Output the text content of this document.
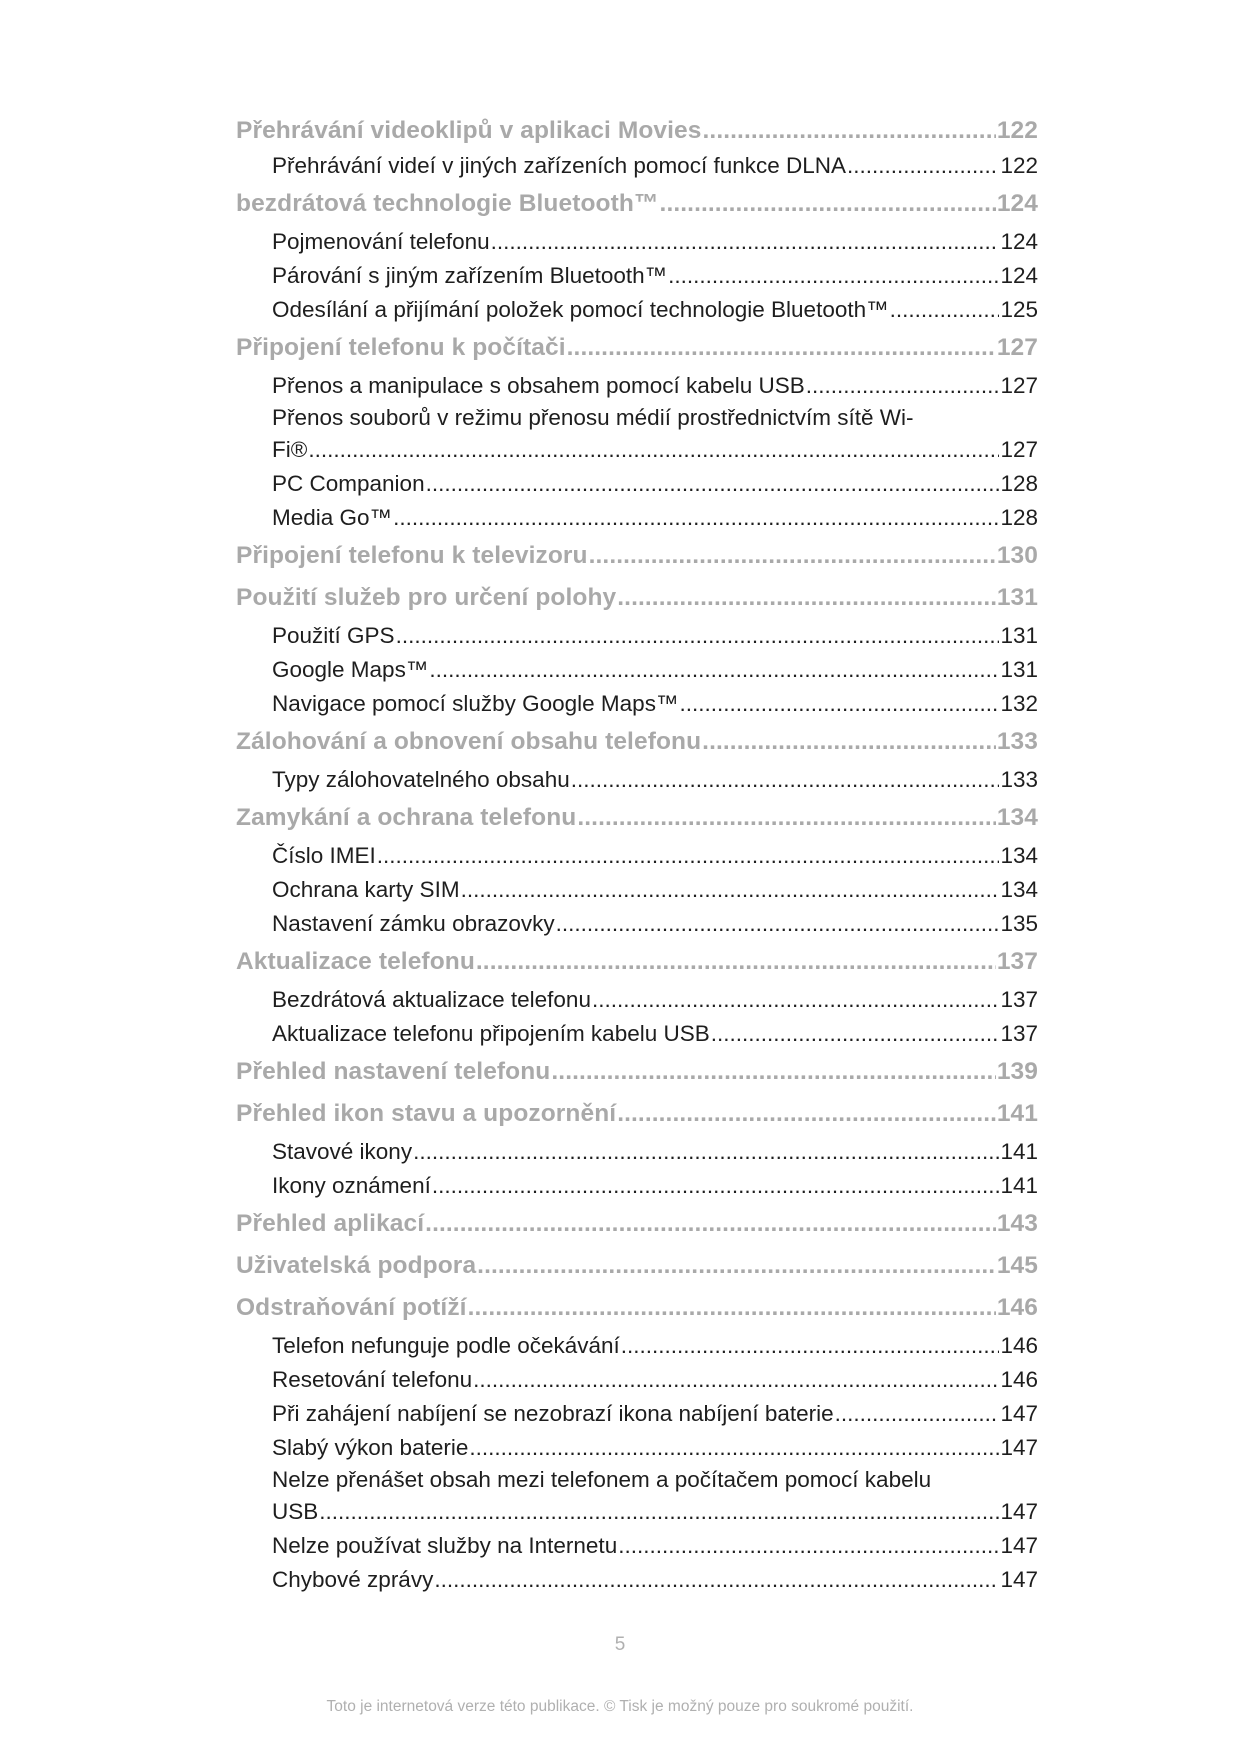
Přehrávání videoklipů v aplikaci Movies .....	122
Přehrávání videí v jiných zařízeních pomocí funkce DLNA .....	122
bezdrátová technologie Bluetooth™ .....	124
Pojmenování telefonu .....	124
Párování s jiným zařízením Bluetooth™ .....	124
Odesílání a přijímání položek pomocí technologie Bluetooth™ .....	125
Připojení telefonu k počítači .....	127
Přenos a manipulace s obsahem pomocí kabelu USB .....	127
Přenos souborů v režimu přenosu médií prostřednictvím sítě Wi-
Fi® .....	127
PC Companion .....	128
Media Go™ .....	128
Připojení telefonu k televizoru .....	130
Použití služeb pro určení polohy .....	131
Použití GPS .....	131
Google Maps™ .....	131
Navigace pomocí služby Google Maps™ .....	132
Zálohování a obnovení obsahu telefonu .....	133
Typy zálohovatelného obsahu .....	133
Zamykání a ochrana telefonu .....	134
Číslo IMEI .....	134
Ochrana karty SIM .....	134
Nastavení zámku obrazovky .....	135
Aktualizace telefonu .....	137
Bezdrátová aktualizace telefonu .....	137
Aktualizace telefonu připojením kabelu USB .....	137
Přehled nastavení telefonu .....	139
Přehled ikon stavu a upozornění .....	141
Stavové ikony .....	141
Ikony oznámení .....	141
Přehled aplikací .....	143
Uživatelská podpora .....	145
Odstraňování potíží .....	146
Telefon nefunguje podle očekávání .....	146
Resetování telefonu .....	146
Při zahájení nabíjení se nezobrazí ikona nabíjení baterie .....	147
Slabý výkon baterie .....	147
Nelze přenášet obsah mezi telefonem a počítačem pomocí kabelu
USB .....	147
Nelze používat služby na Internetu .....	147
Chybové zprávy .....	147
5
Toto je internetová verze této publikace. © Tisk je možný pouze pro soukromé použití.
